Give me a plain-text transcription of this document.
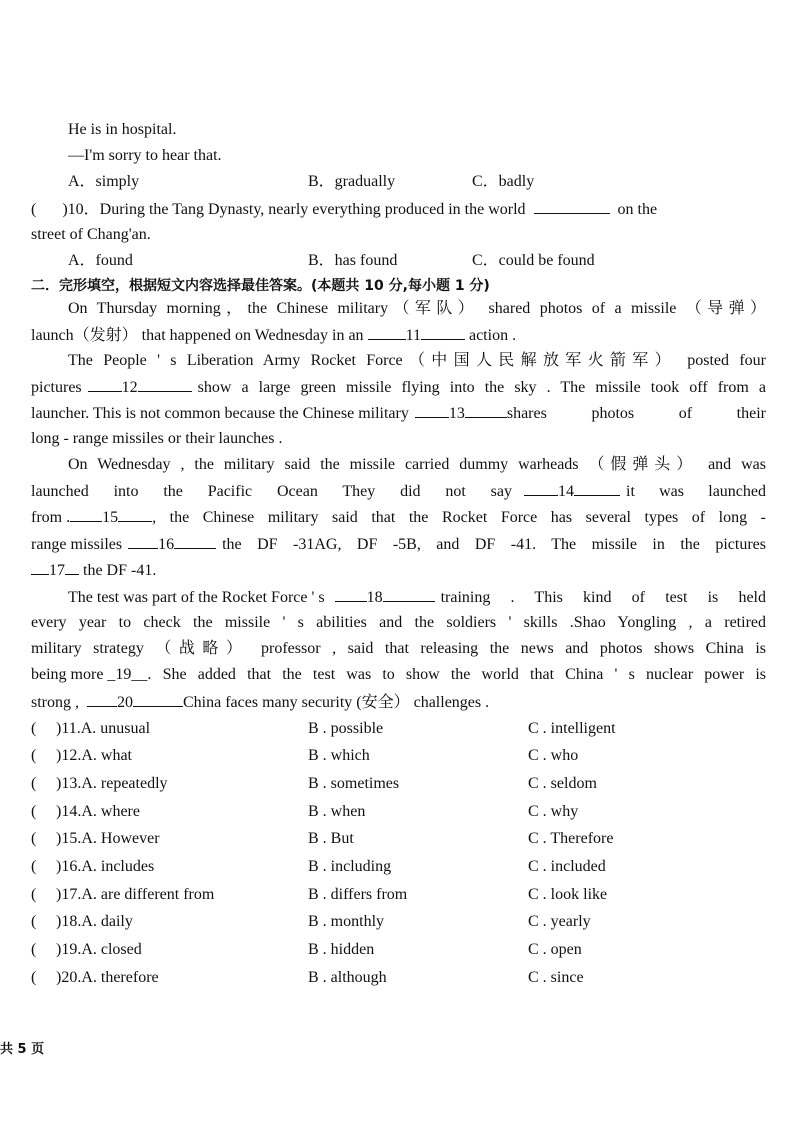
He is in hospital.
—I'm sorry to hear that.
A．simply	B．gradually	C．badly
( )10．During the Tang Dynasty, nearly everything produced in the world	on the
street of Chang'an.
A．found	B．has found	C．could be found
二．完形填空，根据短文内容选择最佳答案。(本题共 10 分,每小题 1 分)
On Thursday morning，the Chinese military（军队） shared photos of a missile （导弹）
launch（发射） that happened on Wednesday in an	11	action .
The People ' s Liberation Army Rocket Force（中国人民解放军火箭军） posted four
pictures	12	show a large green missile flying into the sky . The missile took off from a
launcher. This is not common because the Chinese military	13	shares photos of their
long - range missiles or their launches .
On Wednesday , the military said the missile carried dummy warheads （假弹头） and was
launched into the Pacific Ocean They did not say	14	it was launched
from . 15 , the Chinese military said that the Rocket Force has several types of long -
range missiles 16	the DF -31AG, DF -5B, and DF -41. The missile in the pictures
17 the DF -41.
The test was part of the Rocket Force ' s	18	training . This kind of test is held
every year to check the missile ' s abilities and the soldiers ' skills .Shao Yongling , a retired
military strategy （战略） professor , said that releasing the news and photos shows China is
being more _ 19 __. She added that the test was to show the world that China ' s nuclear power is
strong , 20	China faces many security (安全） challenges .
( )11.A. unusual	B . possible	C . intelligent
( )12.A. what	B . which	C . who
( )13.A. repeatedly	B . sometimes	C . seldom
( )14.A. where	B . when	C . why
( )15.A. However	B . But	C . Therefore
( )16.A. includes	B . including	C . included
( )17.A. are different from	B . differs from	C . look like
( )18.A. daily	B . monthly	C . yearly
( )19.A. closed	B . hidden	C . open
( )20.A. therefore	B . although	C . since
共 5 页
